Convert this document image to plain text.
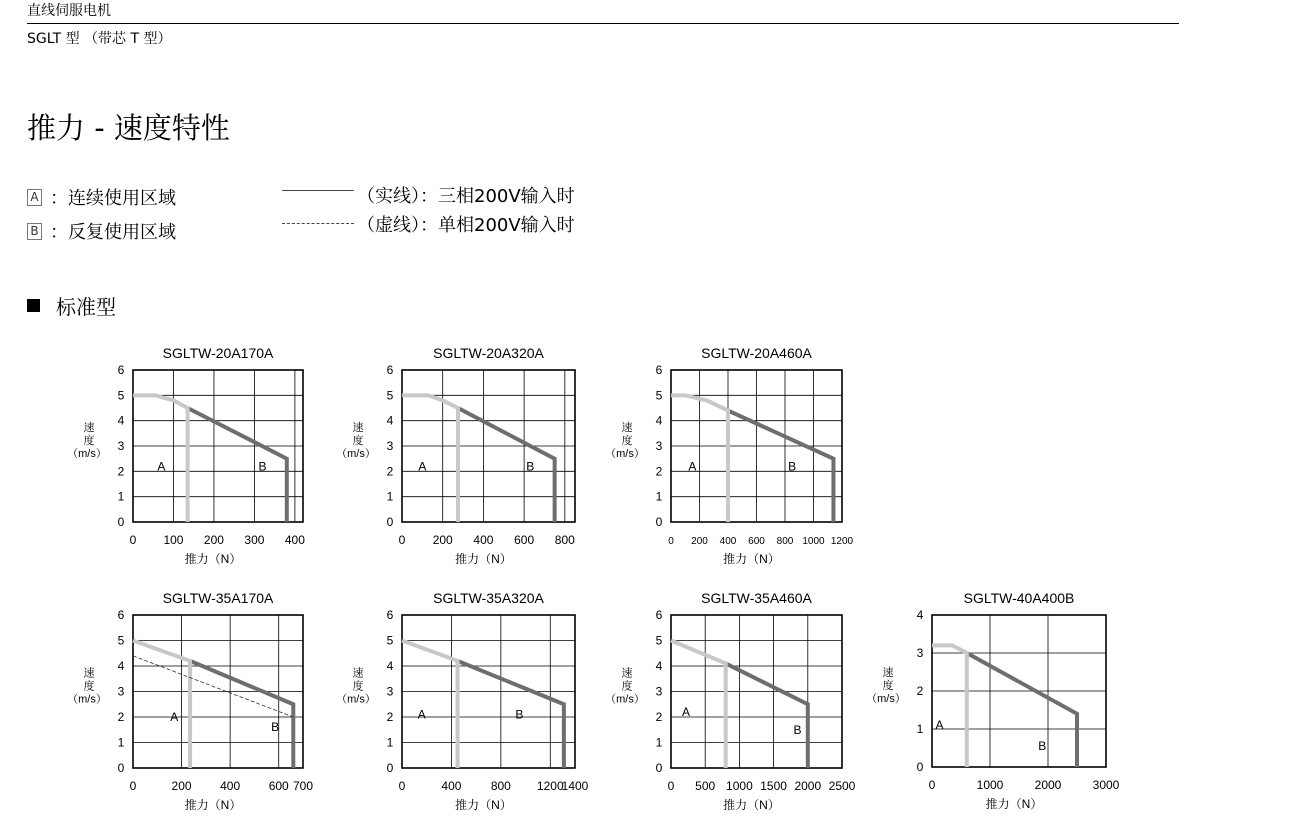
直线伺服电机
SGLT 型 （带芯 T 型）
推力 - 速度特性
A ：连续使用区域
B ：反复使用区域
（实线）：三相200V输入时
（虚线）：单相200V输入时
标准型
A	B
0 100 200 300 400
0
1
2
3
4
5
6
SGLTW-20A170A
速
度
（m/s）
推力（N）
A	B
0 200 400 600 800
0
1
2
3
4
5
6
SGLTW-20A320A
速
度
（m/s）
推力（N）
A	B
0 200 400 600 800 1000 1200
0
1
2
3
4
5
6
SGLTW-20A460A
速
度
（m/s）
推力（N）
A
B
0	200 400 600 700
0
1
2
3
4
5
6
SGLTW-35A170A
速
度
（m/s）
推力（N）
A	B
0	400 800 1200
1400
0
1
2
3
4
5
6
SGLTW-35A320A
速
度
（m/s）
推力（N）
A
B
0 500 1000 1500 2000 2500
0
1
2
3
4
5
6
SGLTW-35A460A
速
度
（m/s）
推力（N）
A
B
0	1000	2000	3000
0
1
2
3
4
SGLTW-40A400B
速
度
（m/s）
推力（N）
